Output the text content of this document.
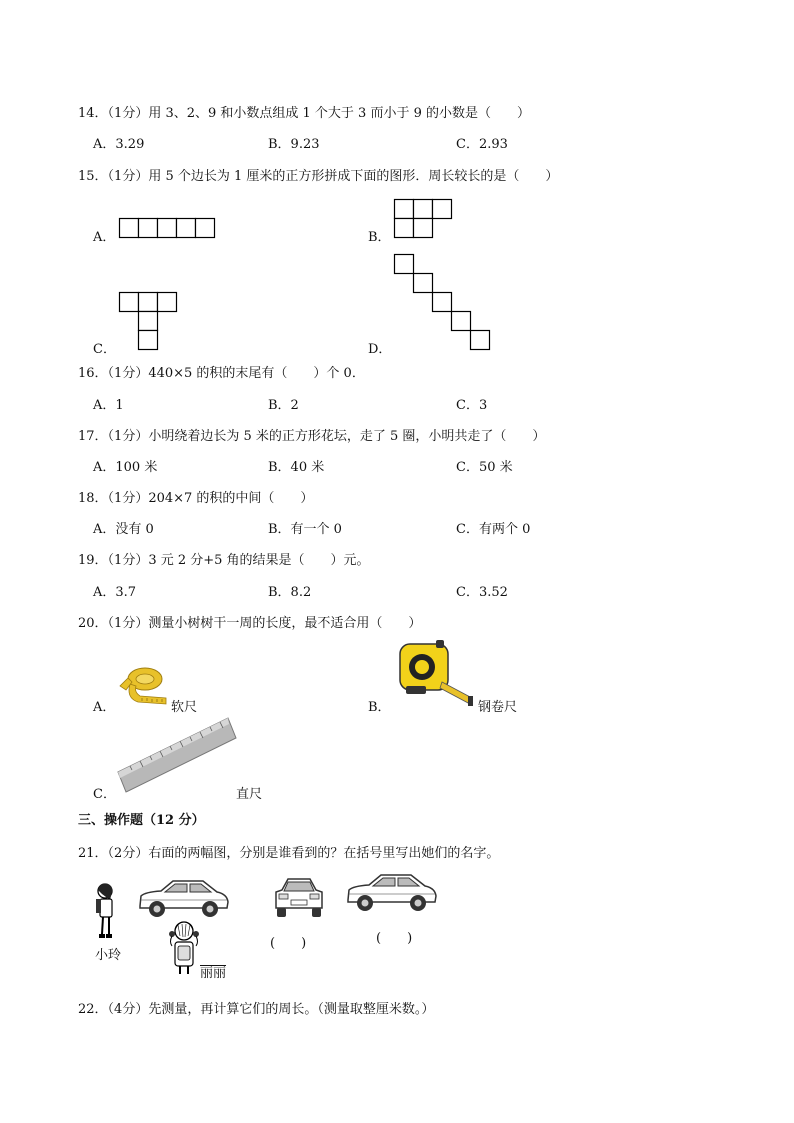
14．（1分）用 3、2、9 和小数点组成 1 个大于 3 而小于 9 的小数是（　　）
A．3.29	B．9.23	C．2.93
15．（1分）用 5 个边长为 1 厘米的正方形拼成下面的图形．周长较长的是（　　）
A．	B．
C．	D．
16．（1分）440×5 的积的末尾有（　　）个 0．
A．1	B．2	C．3
17．（1分）小明绕着边长为 5 米的正方形花坛，走了 5 圈，小明共走了（　　）
A．100 米	B．40 米	C．50 米
18．（1分）204×7 的积的中间（　　）
A．没有 0	B．有一个 0	C．有两个 0
19．（1分）3 元 2 分+5 角的结果是（　　）元。
A．3.7	B．8.2	C．3.52
20．（1分）测量小树树干一周的长度，最不适合用（　　）
A．	B．
C．
软尺	钢卷尺
直尺
三、操作题（12 分）
21．（2分）右面的两幅图，分别是谁看到的？在括号里写出她们的名字。
小玲
丽丽
(　　)	(　　)
22．（4分）先测量，再计算它们的周长。（测量取整厘米数。）
